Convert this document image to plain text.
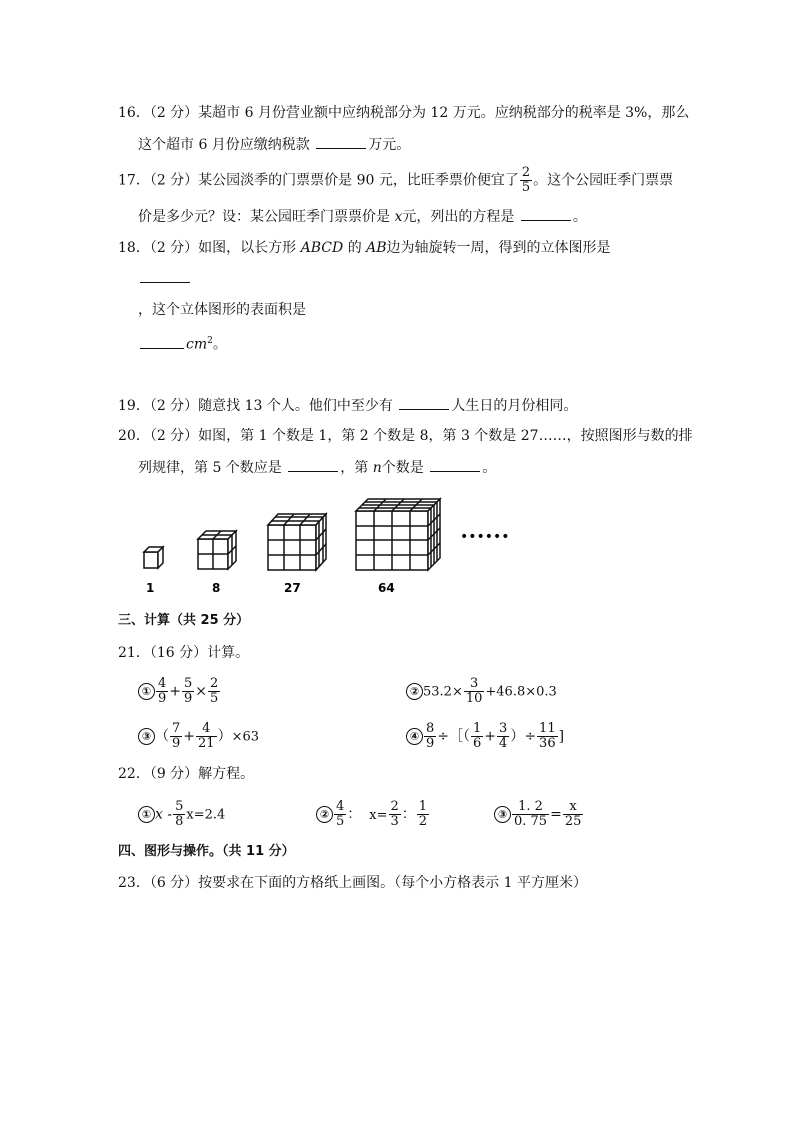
16．（2 分）某超市 6 月份营业额中应纳税部分为 12 万元。应纳税部分的税率是 3%，那么
这个超市 6 月份应缴纳税款	万元。
17．（2 分）某公园淡季的门票票价是 90 元，比旺季票价便宜了 $\frac{2}{5}$ 。这个公园旺季门票票
价是多少元？设：某公园旺季门票票价是 x元，列出的方程是	。
18．（2 分）如图，以长方形 ABCD 的 AB边为轴旋转一周，得到的立体图形是
，这个立体图形的表面积是
$cm^2$。
19．（2 分）随意找 13 个人。他们中至少有	人生日的月份相同。
20．（2 分）如图，第 1 个数是 1，第 2 个数是 8，第 3 个数是 27……，按照图形与数的排
列规律，第 5 个数应是	，第 n个数是	。
••••••
1	8	27	64
三、计算（共 25 分）
21．（16 分）计算。
① $\frac{4}{9} + \frac{5}{9} \times \frac{2}{5}$	② $53.2\times \frac{3}{10} +46.8\times 0.3$
③ （ $\frac{7}{9} + \frac{4}{21} )\times 63$	④ $\frac{8}{9}$ ÷［（ $\frac{1}{6} + \frac{3}{4}$ ）÷ $\frac{11}{36}$ ]
22．（9 分）解方程。
① $x - \frac{5}{8} x=2.4$	② $\frac{4}{5}$ ： $x= \frac{2}{3}$ ： $\frac{1}{2}$	③ $\frac{1. 2}{0. 75} = \frac{x}{25}$
四、图形与操作。（共 11 分）
23．（6 分）按要求在下面的方格纸上画图。（每个小方格表示 1 平方厘米）
